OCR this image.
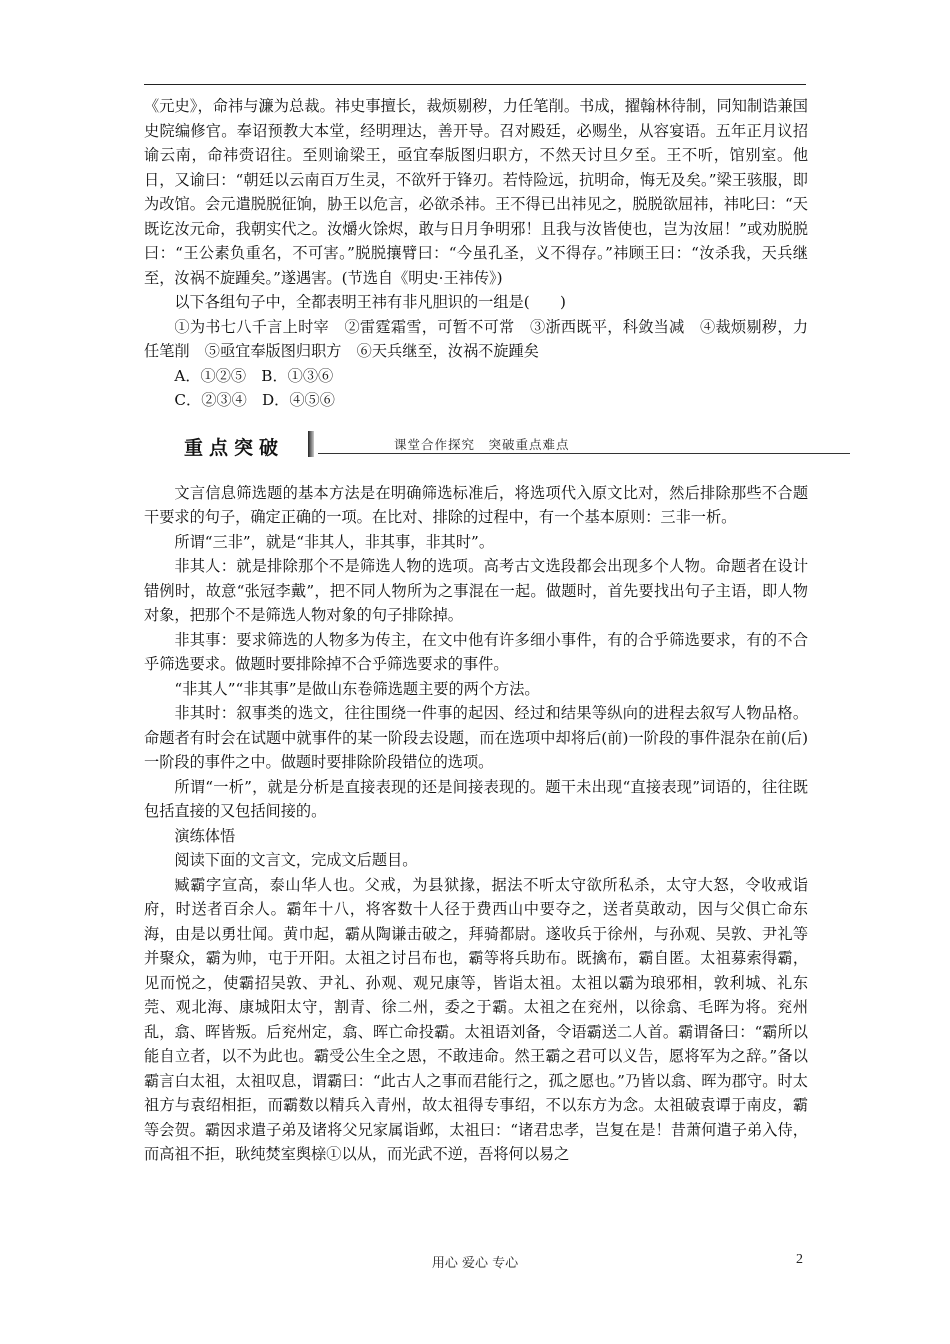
《元史》，命祎与濂为总裁。祎史事擅长，裁烦剔秽，力任笔削。书成，擢翰林待制，同知制诰兼国史院编修官。奉诏预教大本堂，经明理达，善开导。召对殿廷，必赐坐，从容宴语。五年正月议招谕云南，命祎赍诏往。至则谕梁王，亟宜奉版图归职方，不然天讨旦夕至。王不听，馆别室。他日，又谕曰：“朝廷以云南百万生灵，不欲歼于锋刃。若恃险远，抗明命，悔无及矣。”梁王骇服，即为改馆。会元遣脱脱征饷，胁王以危言，必欲杀祎。王不得已出祎见之，脱脱欲屈祎，祎叱曰：“天既讫汝元命，我朝实代之。汝爝火馀烬，敢与日月争明邪！且我与汝皆使也，岂为汝屈！”或劝脱脱曰：“王公素负重名，不可害。”脱脱攘臂曰：“今虽孔圣，义不得存。”祎顾王曰：“汝杀我，天兵继至，汝祸不旋踵矣。”遂遇害。(节选自《明史·王祎传》)

以下各组句子中，全都表明王祎有非凡胆识的一组是(　　)

①为书七八千言上时宰　②雷霆霜雪，可暂不可常　③浙西既平，科敛当减　④裁烦剔秽，力任笔削　⑤亟宜奉版图归职方　⑥天兵继至，汝祸不旋踵矣

A．①②⑤　B．①③⑥

C．②③④　D．④⑤⑥

重点突破	课堂合作探究　突破重点难点

文言信息筛选题的基本方法是在明确筛选标准后，将选项代入原文比对，然后排除那些不合题干要求的句子，确定正确的一项。在比对、排除的过程中，有一个基本原则：三非一析。

所谓“三非”，就是“非其人，非其事，非其时”。

非其人：就是排除那个不是筛选人物的选项。高考古文选段都会出现多个人物。命题者在设计错例时，故意“张冠李戴”，把不同人物所为之事混在一起。做题时，首先要找出句子主语，即人物对象，把那个不是筛选人物对象的句子排除掉。

非其事：要求筛选的人物多为传主，在文中他有许多细小事件，有的合乎筛选要求，有的不合乎筛选要求。做题时要排除掉不合乎筛选要求的事件。

“非其人”“非其事”是做山东卷筛选题主要的两个方法。

非其时：叙事类的选文，往往围绕一件事的起因、经过和结果等纵向的进程去叙写人物品格。命题者有时会在试题中就事件的某一阶段去设题，而在选项中却将后(前)一阶段的事件混杂在前(后)一阶段的事件之中。做题时要排除阶段错位的选项。

所谓“一析”，就是分析是直接表现的还是间接表现的。题干未出现“直接表现”词语的，往往既包括直接的又包括间接的。

演练体悟

阅读下面的文言文，完成文后题目。

臧霸字宣高，泰山华人也。父戒，为县狱掾，据法不听太守欲所私杀，太守大怒，令收戒诣府，时送者百余人。霸年十八，将客数十人径于费西山中要夺之，送者莫敢动，因与父俱亡命东海，由是以勇壮闻。黄巾起，霸从陶谦击破之，拜骑都尉。遂收兵于徐州，与孙观、吴敦、尹礼等并聚众，霸为帅，屯于开阳。太祖之讨吕布也，霸等将兵助布。既擒布，霸自匿。太祖募索得霸，见而悦之，使霸招吴敦、尹礼、孙观、观兄康等，皆诣太祖。太祖以霸为琅邪相，敦利城、礼东莞、观北海、康城阳太守，割青、徐二州，委之于霸。太祖之在兖州，以徐翕、毛晖为将。兖州乱，翕、晖皆叛。后兖州定，翕、晖亡命投霸。太祖语刘备，令语霸送二人首。霸谓备曰：“霸所以能自立者，以不为此也。霸受公生全之恩，不敢违命。然王霸之君可以义告，愿将军为之辞。”备以霸言白太祖，太祖叹息，谓霸曰：“此古人之事而君能行之，孤之愿也。”乃皆以翕、晖为郡守。时太祖方与袁绍相拒，而霸数以精兵入青州，故太祖得专事绍，不以东方为念。太祖破袁谭于南皮，霸等会贺。霸因求遣子弟及诸将父兄家属诣邺，太祖曰：“诸君忠孝，岂复在是！昔萧何遣子弟入侍，而高祖不拒，耿纯焚室舆榇①以从，而光武不逆，吾将何以易之

用心 爱心 专心	2
